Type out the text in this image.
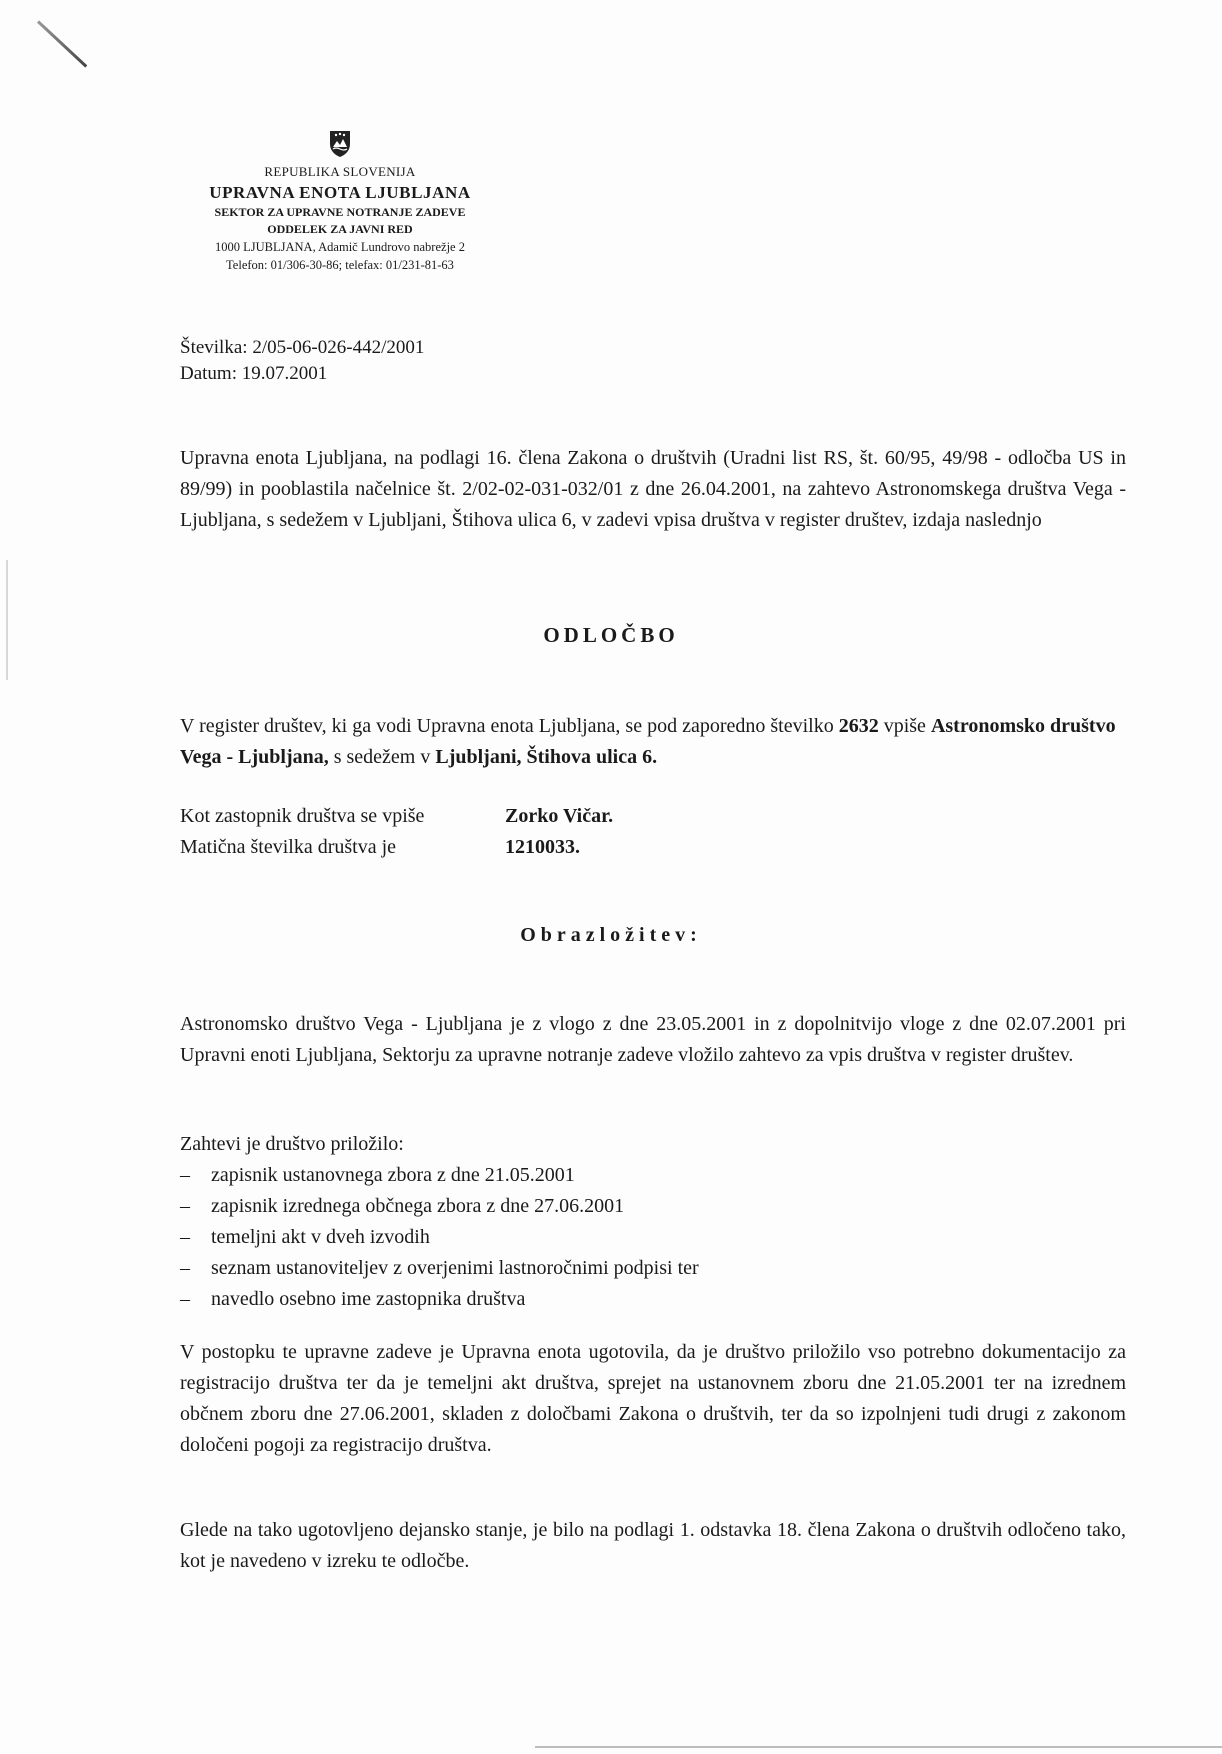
REPUBLIKA SLOVENIJA
UPRAVNA ENOTA LJUBLJANA
SEKTOR ZA UPRAVNE NOTRANJE ZADEVE
ODDELEK ZA JAVNI RED
1000 LJUBLJANA, Adamič Lundrovo nabrežje 2
Telefon: 01/306-30-86; telefax: 01/231-81-63
Številka: 2/05-06-026-442/2001
Datum: 19.07.2001
Upravna enota Ljubljana, na podlagi 16. člena Zakona o društvih (Uradni list RS, št. 60/95, 49/98 - odločba US in 89/99) in pooblastila načelnice št. 2/02-02-031-032/01 z dne 26.04.2001, na zahtevo Astronomskega društva Vega - Ljubljana, s sedežem v Ljubljani, Štihova ulica 6, v zadevi vpisa društva v register društev, izdaja naslednjo
ODLOČBO
V register društev, ki ga vodi Upravna enota Ljubljana, se pod zaporedno številko 2632 vpiše Astronomsko društvo Vega - Ljubljana, s sedežem v Ljubljani, Štihova ulica 6.
Kot zastopnik društva se vpiše	Zorko Vičar.
Matična številka društva je	1210033.
Obrazložitev:
Astronomsko društvo Vega - Ljubljana je z vlogo z dne 23.05.2001 in z dopolnitvijo vloge z dne 02.07.2001 pri Upravni enoti Ljubljana, Sektorju za upravne notranje zadeve vložilo zahtevo za vpis društva v register društev.
Zahtevi je društvo priložilo:
–	zapisnik ustanovnega zbora z dne 21.05.2001
–	zapisnik izrednega občnega zbora z dne 27.06.2001
–	temeljni akt v dveh izvodih
–	seznam ustanoviteljev z overjenimi lastnoročnimi podpisi ter
–	navedlo osebno ime zastopnika društva
V postopku te upravne zadeve je Upravna enota ugotovila, da je društvo priložilo vso potrebno dokumentacijo za registracijo društva ter da je temeljni akt društva, sprejet na ustanovnem zboru dne 21.05.2001 ter na izrednem občnem zboru dne 27.06.2001, skladen z določbami Zakona o društvih, ter da so izpolnjeni tudi drugi z zakonom določeni pogoji za registracijo društva.
Glede na tako ugotovljeno dejansko stanje, je bilo na podlagi 1. odstavka 18. člena Zakona o društvih odločeno tako, kot je navedeno v izreku te odločbe.
